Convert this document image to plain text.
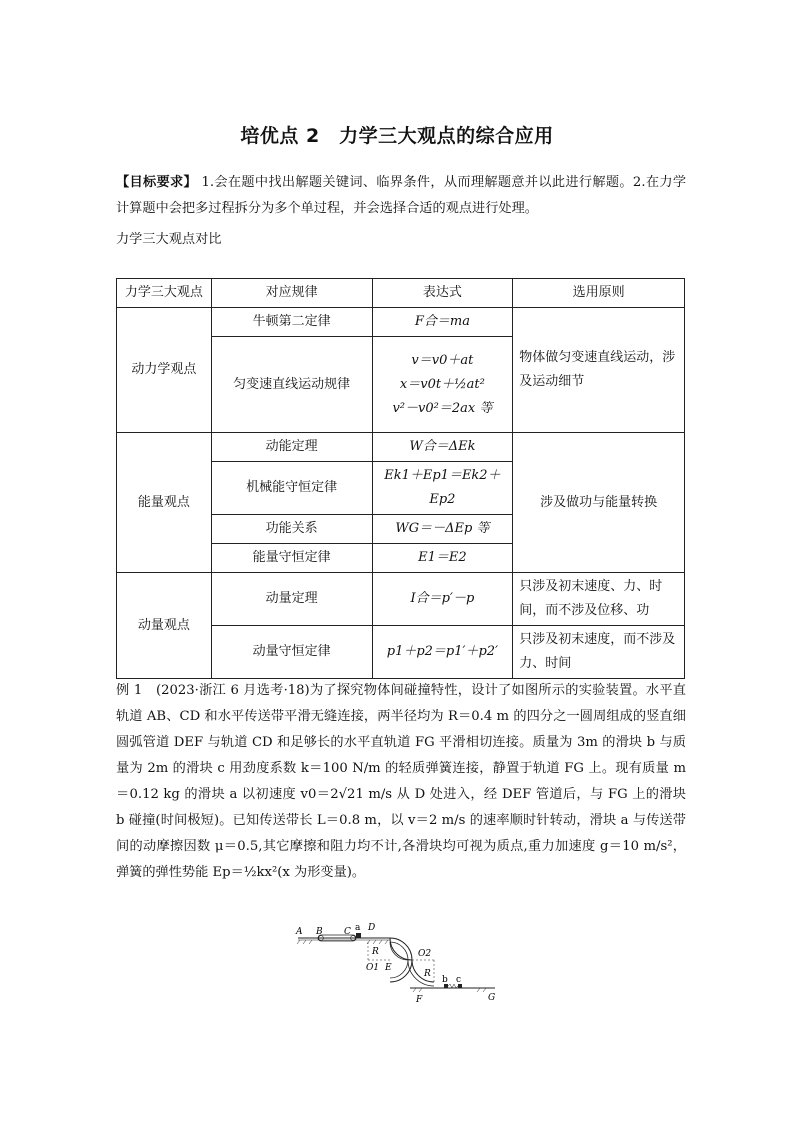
培优点 2　力学三大观点的综合应用
【目标要求】 1.会在题中找出解题关键词、临界条件，从而理解题意并以此进行解题。2.在力学计算题中会把多过程拆分为多个单过程，并会选择合适的观点进行处理。
力学三大观点对比
力学三大观点	对应规律	表达式	选用原则
动力学观点	牛顿第二定律	F合＝ma	物体做匀变速直线运动，涉及运动细节
	匀变速直线运动规律	v＝v0＋at
x＝v0t＋½at²
v²－v0²＝2ax 等	

能量观点	动能定理	W合＝ΔEk	涉及做功与能量转换
	机械能守恒定律	Ek1＋Ep1＝Ek2＋Ep2	
	功能关系	WG＝－ΔEp 等	
	能量守恒定律	E1＝E2	
动量观点	动量定理	I合＝p′－p	只涉及初末速度、力、时间，而不涉及位移、功
	动量守恒定律	p1＋p2＝p1′＋p2′	只涉及初末速度，而不涉及力、时间
例 1　(2023·浙江 6 月选考·18)为了探究物体间碰撞特性，设计了如图所示的实验装置。水平直轨道 AB、CD 和水平传送带平滑无缝连接，两半径均为 R＝0.4 m 的四分之一圆周组成的竖直细圆弧管道 DEF 与轨道 CD 和足够长的水平直轨道 FG 平滑相切连接。质量为 3m 的滑块 b 与质量为 2m 的滑块 c 用劲度系数 k＝100 N/m 的轻质弹簧连接，静置于轨道 FG 上。现有质量 m＝0.12 kg 的滑块 a 以初速度 v0＝2√21 m/s 从 D 处进入，经 DEF 管道后，与 FG 上的滑块 b 碰撞(时间极短)。已知传送带长 L＝0.8 m，以 v＝2 m/s 的速率顺时针转动，滑块 a 与传送带间的动摩擦因数 μ＝0.5,其它摩擦和阻力均不计,各滑块均可视为质点,重力加速度 g＝10 m/s²，弹簧的弹性势能 Ep＝½kx²(x 为形变量)。
A B C a D
R
O1 E
O2
R
b c
F	G
